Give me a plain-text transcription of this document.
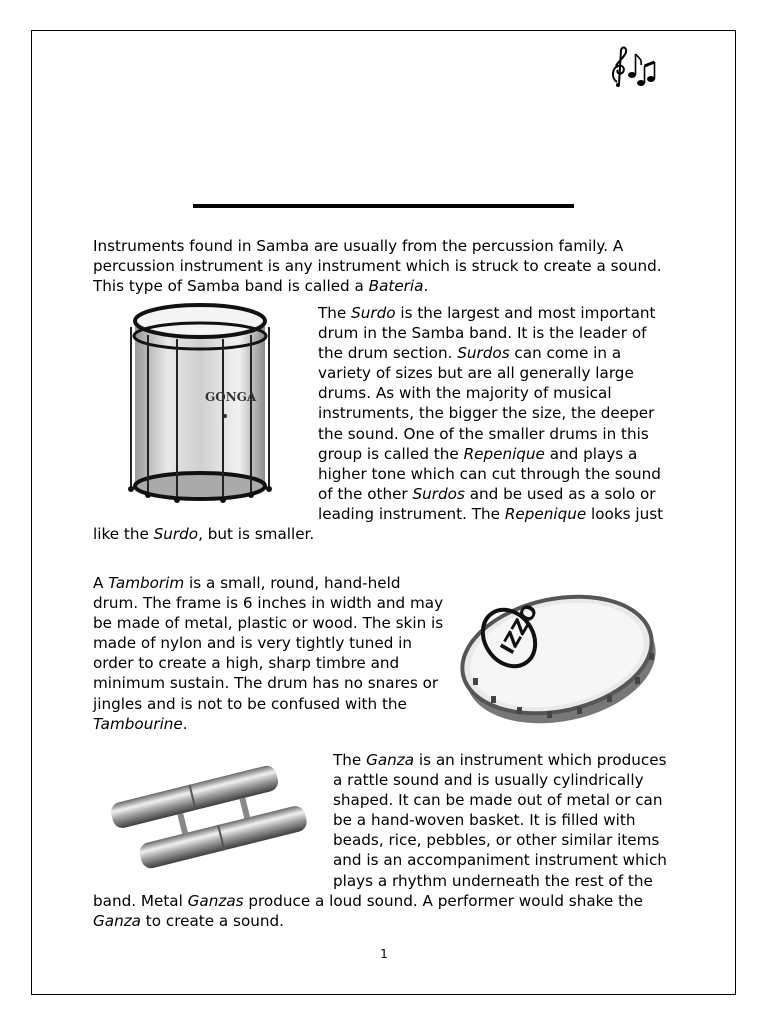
Instruments found in Samba are usually from the percussion family. A percussion instrument is any instrument which is struck to create a sound. This type of Samba band is called a Bateria.

GONGA

The Surdo is the largest and most important drum in the Samba band. It is the leader of the drum section. Surdos can come in a variety of sizes but are all generally large drums. As with the majority of musical instruments, the bigger the size, the deeper the sound. One of the smaller drums in this group is called the Repenique and plays a higher tone which can cut through the sound of the other Surdos and be used as a solo or leading instrument. The Repenique looks just like the Surdo, but is smaller.

A Tamborim is a small, round, hand-held drum. The frame is 6 inches in width and may be made of metal, plastic or wood. The skin is made of nylon and is very tightly tuned in order to create a high, sharp timbre and minimum sustain. The drum has no snares or jingles and is not to be confused with the Tambourine.

IZZO

The Ganza is an instrument which produces a rattle sound and is usually cylindrically shaped. It can be made out of metal or can be a hand-woven basket. It is filled with beads, rice, pebbles, or other similar items and is an accompaniment instrument which plays a rhythm underneath the rest of the band. Metal Ganzas produce a loud sound. A performer would shake the Ganza to create a sound.

1
